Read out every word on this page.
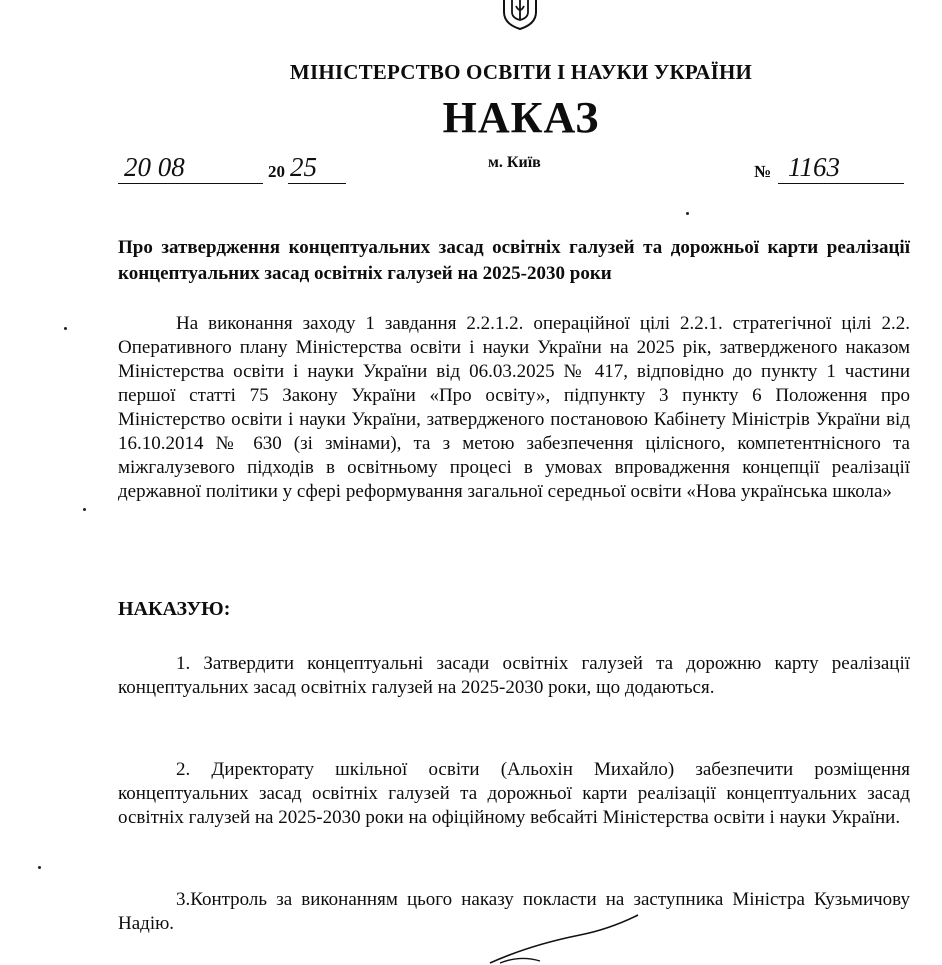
МІНІСТЕРСТВО ОСВІТИ І НАУКИ УКРАЇНИ
НАКАЗ
20 08	20 25	м. Київ	№ 1163
Про затвердження концептуальних засад освітніх галузей та дорожньої карти реалізації концептуальних засад освітніх галузей на 2025-2030 роки
На виконання заходу 1 завдання 2.2.1.2. операційної цілі 2.2.1. стратегічної цілі 2.2. Оперативного плану Міністерства освіти і науки України на 2025 рік, затвердженого наказом Міністерства освіти і науки України від 06.03.2025 № 417, відповідно до пункту 1 частини першої статті 75 Закону України «Про освіту», підпункту 3 пункту 6 Положення про Міністерство освіти і науки України, затвердженого постановою Кабінету Міністрів України від 16.10.2014 № 630 (зі змінами), та з метою забезпечення цілісного, компетентнісного та міжгалузевого підходів в освітньому процесі в умовах впровадження концепції реалізації державної політики у сфері реформування загальної середньої освіти «Нова українська школа»
НАКАЗУЮ:
1. Затвердити концептуальні засади освітніх галузей та дорожню карту реалізації концептуальних засад освітніх галузей на 2025-2030 роки, що додаються.
2. Директорату шкільної освіти (Альохін Михайло) забезпечити розміщення концептуальних засад освітніх галузей та дорожньої карти реалізації концептуальних засад освітніх галузей на 2025-2030 роки на офіційному вебсайті Міністерства освіти і науки України.
3.Контроль за виконанням цього наказу покласти на заступника Міністра Кузьмичову Надію.
